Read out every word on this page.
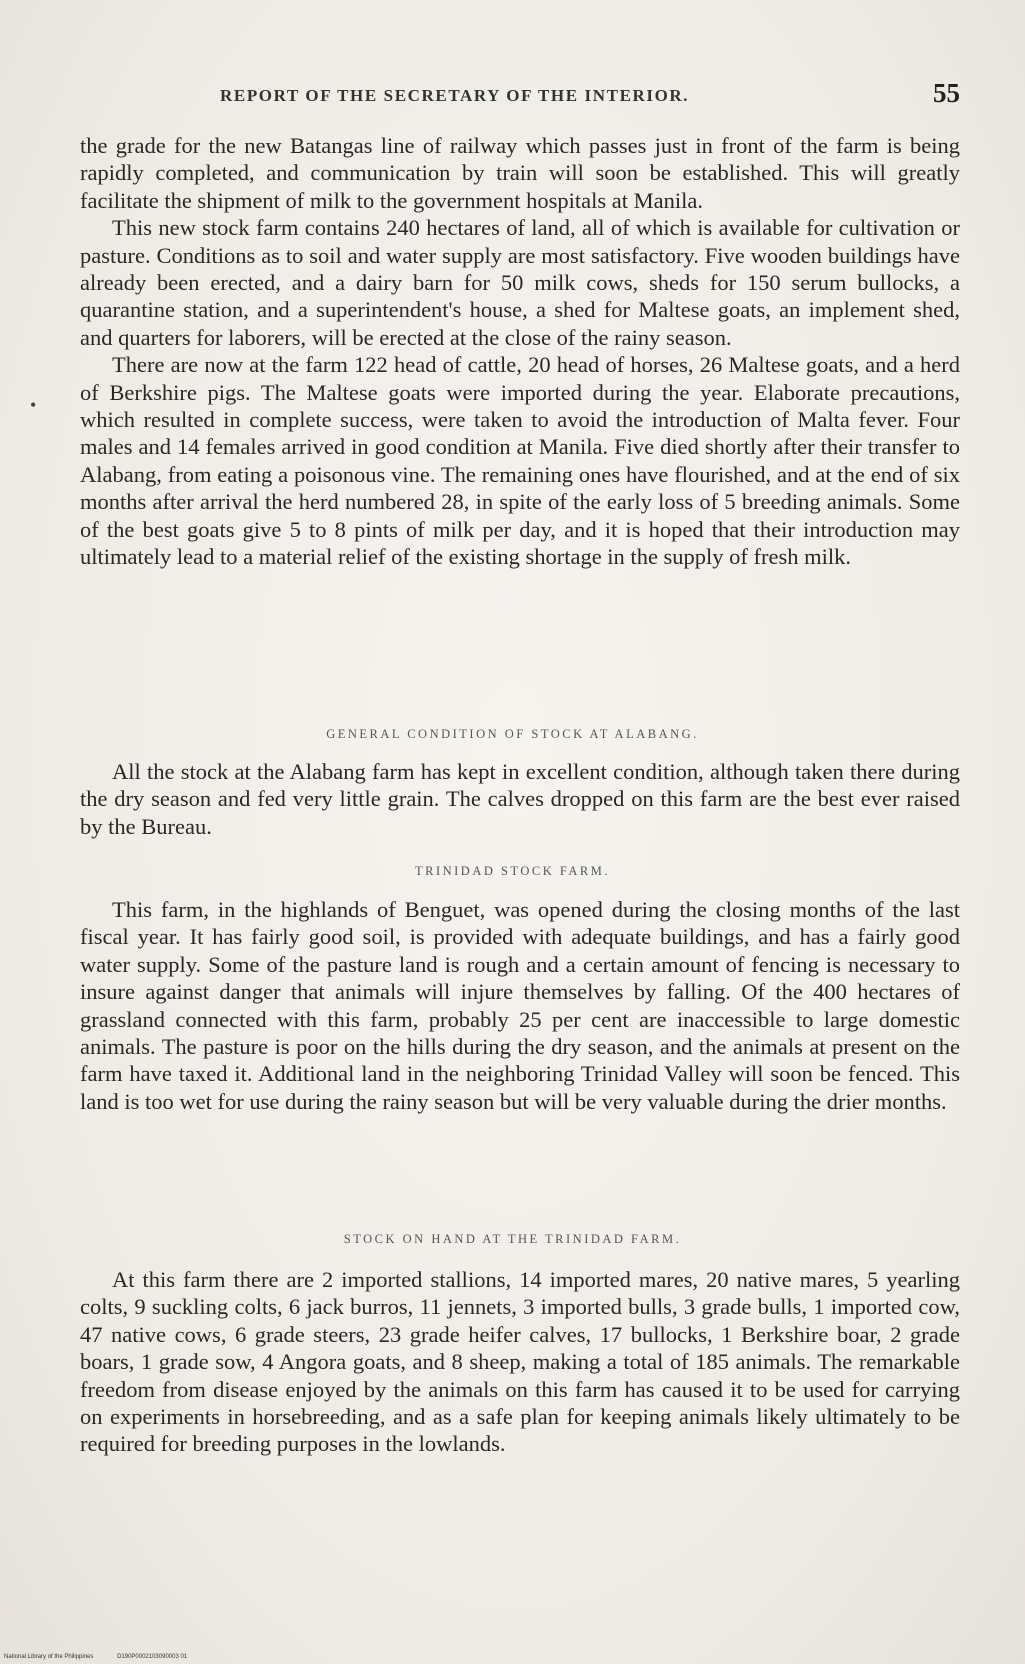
REPORT OF THE SECRETARY OF THE INTERIOR.	55
•

the grade for the new Batangas line of railway which passes just in front of the farm is being rapidly completed, and communication by train will soon be established. This will greatly facilitate the shipment of milk to the government hospitals at Manila.

This new stock farm contains 240 hectares of land, all of which is available for cultivation or pasture. Conditions as to soil and water supply are most satisfactory. Five wooden buildings have already been erected, and a dairy barn for 50 milk cows, sheds for 150 serum bullocks, a quarantine station, and a superintendent's house, a shed for Maltese goats, an implement shed, and quarters for laborers, will be erected at the close of the rainy season.

There are now at the farm 122 head of cattle, 20 head of horses, 26 Maltese goats, and a herd of Berkshire pigs. The Maltese goats were imported during the year. Elaborate precautions, which resulted in complete success, were taken to avoid the introduction of Malta fever. Four males and 14 females arrived in good condition at Manila. Five died shortly after their transfer to Alabang, from eating a poisonous vine. The remaining ones have flourished, and at the end of six months after arrival the herd numbered 28, in spite of the early loss of 5 breeding animals. Some of the best goats give 5 to 8 pints of milk per day, and it is hoped that their introduction may ultimately lead to a material relief of the existing shortage in the supply of fresh milk.

GENERAL CONDITION OF STOCK AT ALABANG.

All the stock at the Alabang farm has kept in excellent condition, although taken there during the dry season and fed very little grain. The calves dropped on this farm are the best ever raised by the Bureau.

TRINIDAD STOCK FARM.

This farm, in the highlands of Benguet, was opened during the closing months of the last fiscal year. It has fairly good soil, is provided with adequate buildings, and has a fairly good water supply. Some of the pasture land is rough and a certain amount of fencing is necessary to insure against danger that animals will injure themselves by falling. Of the 400 hectares of grassland connected with this farm, probably 25 per cent are inaccessible to large domestic animals. The pasture is poor on the hills during the dry season, and the animals at present on the farm have taxed it. Additional land in the neighboring Trinidad Valley will soon be fenced. This land is too wet for use during the rainy season but will be very valuable during the drier months.

STOCK ON HAND AT THE TRINIDAD FARM.

At this farm there are 2 imported stallions, 14 imported mares, 20 native mares, 5 yearling colts, 9 suckling colts, 6 jack burros, 11 jennets, 3 imported bulls, 3 grade bulls, 1 imported cow, 47 native cows, 6 grade steers, 23 grade heifer calves, 17 bullocks, 1 Berkshire boar, 2 grade boars, 1 grade sow, 4 Angora goats, and 8 sheep, making a total of 185 animals. The remarkable freedom from disease enjoyed by the animals on this farm has caused it to be used for carrying on experiments in horsebreeding, and as a safe plan for keeping animals likely ultimately to be required for breeding purposes in the lowlands.

National Library of the Philippines	D190P0002103090003 01
